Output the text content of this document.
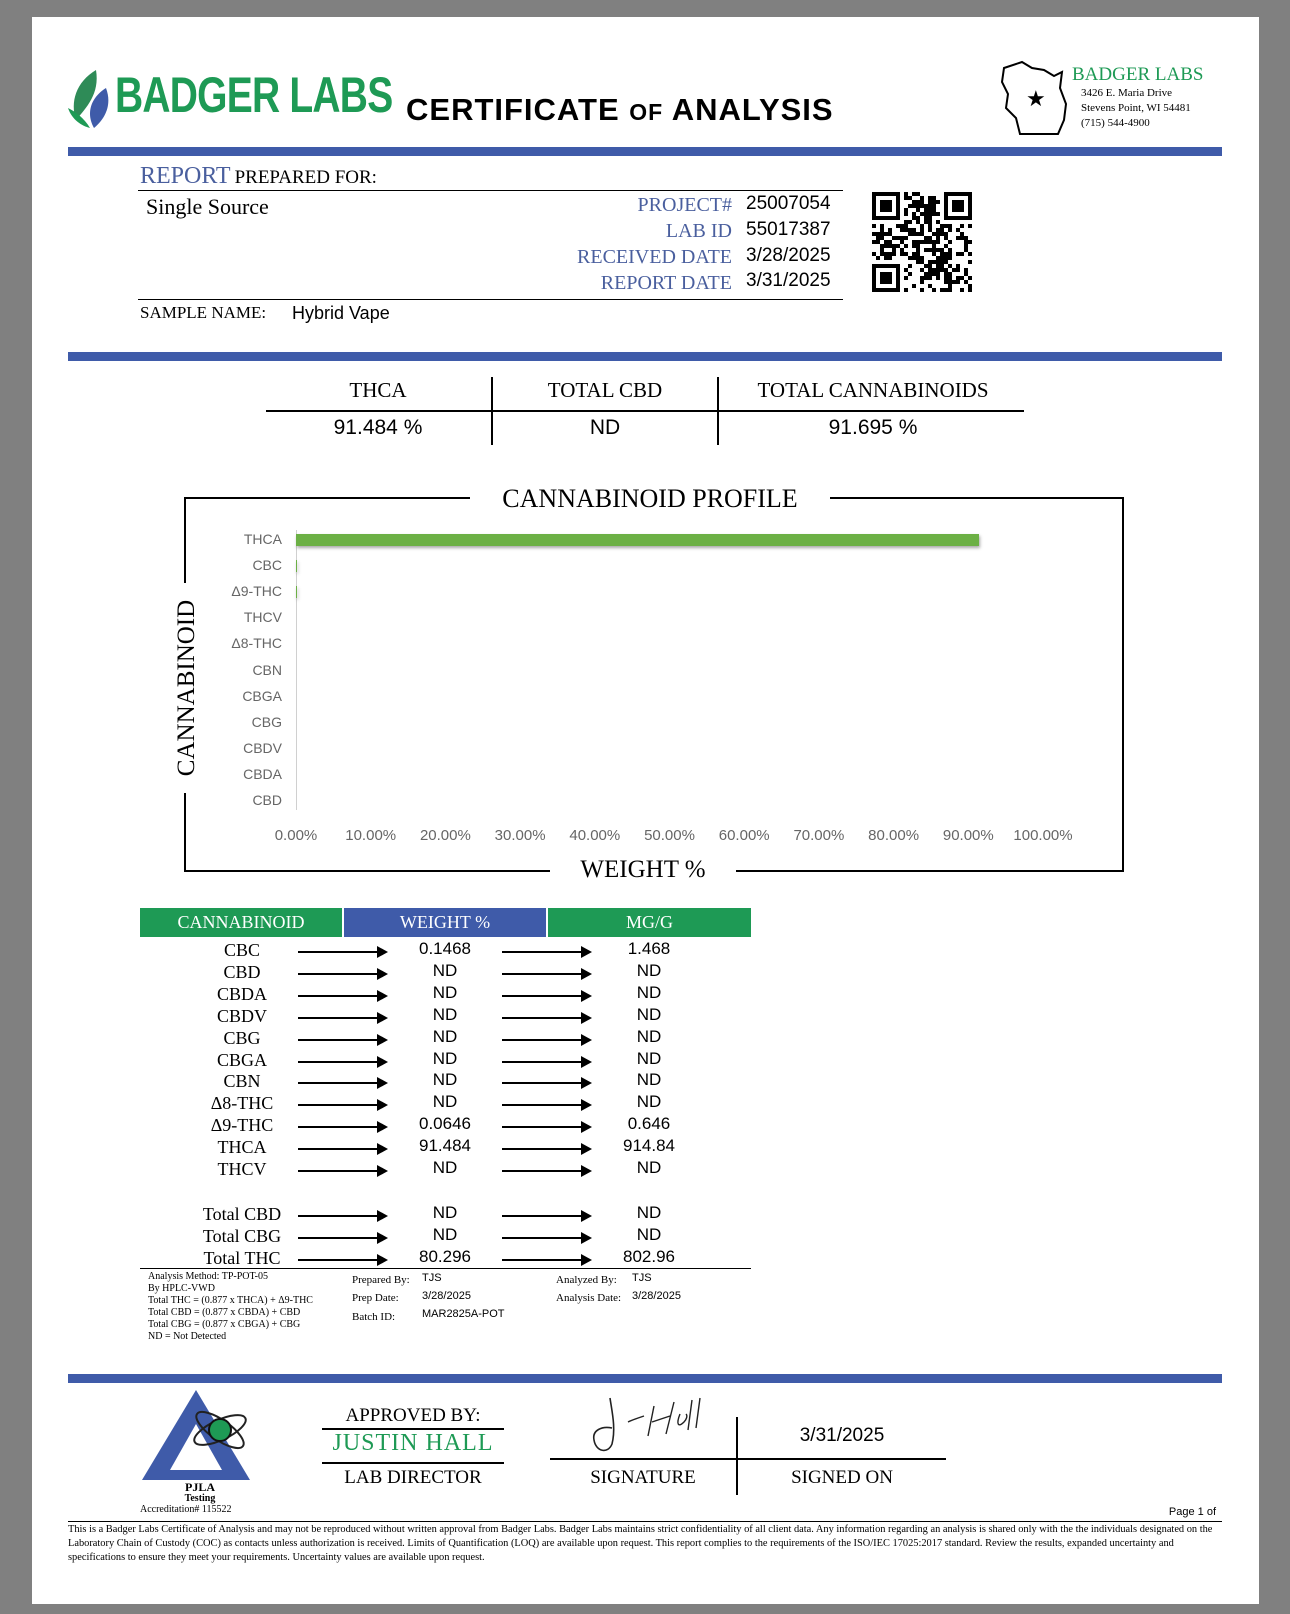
BADGER LABS CERTIFICATE OF ANALYSIS	★
BADGER LABS
3426 E. Maria Drive
Stevens Point, WI 54481
(715) 544-4900
REPORT PREPARED FOR:
Single Source	PROJECT# 25007054
LAB ID 55017387
RECEIVED DATE 3/28/2025
REPORT DATE 3/31/2025
SAMPLE NAME: Hybrid Vape
THCA	TOTAL CBD	TOTAL CANNABINOIDS
91.484 %	ND	91.695 %
CANNABINOID PROFILE
WEIGHT %
CANNABINOID
THCA
CBC
Δ9-THC
THCV
Δ8-THC
CBN
CBGA
CBG
CBDV
CBDA
CBD
0.00%	10.00%	20.00%	30.00%	40.00%	50.00%	60.00%	70.00%	80.00%	90.00%	100.00%
CANNABINOID	WEIGHT %	MG/G
CBC	0.1468	1.468
CBD	ND	ND
CBDA	ND	ND
CBDV	ND	ND
CBG	ND	ND
CBGA	ND	ND
CBN	ND	ND
Δ8-THC	ND	ND
Δ9-THC	0.0646	0.646
THCA	91.484	914.84
THCV	ND	ND
Total CBD	ND	ND
Total CBG	ND	ND
Total THC	80.296	802.96
Analysis Method: TP-POT-05
By HPLC-VWD
Total THC = (0.877 x THCA) + Δ9-THC
Total CBD = (0.877 x CBDA) + CBD
Total CBG = (0.877 x CBGA) + CBG
ND = Not Detected
Prepared By: TJS
Prep Date: 3/28/2025
Batch ID: MAR2825A-POT
Analyzed By: TJS
Analysis Date: 3/28/2025
PJLA
Testing
Accreditation# 115522
APPROVED BY:
JUSTIN HALL
LAB DIRECTOR	SIGNATURE
3/31/2025
SIGNED ON
Page 1 of
This is a Badger Labs Certificate of Analysis and may not be reproduced without written approval from Badger Labs. Badger Labs maintains strict confidentiality of all client data. Any information regarding an analysis is shared only with the the individuals designated on the Laboratory Chain of Custody (COC) as contacts unless authorization is received. Limits of Quantification (LOQ) are available upon request. This report complies to the requirements of the ISO/IEC 17025:2017 standard. Review the results, expanded uncertainty and specifications to ensure they meet your requirements. Uncertainty values are available upon request.
